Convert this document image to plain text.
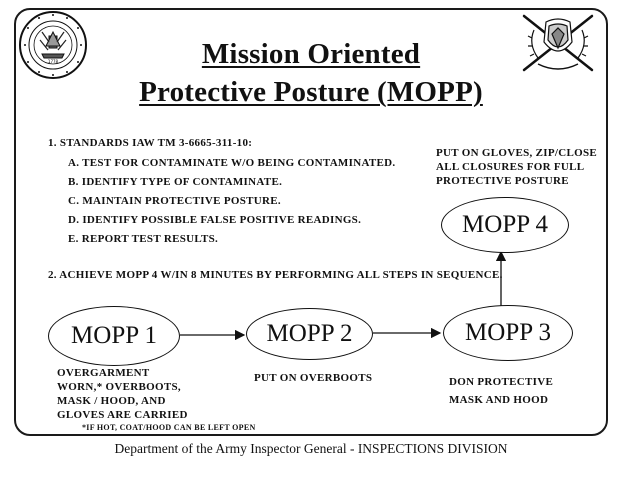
1778	Mission Oriented
Protective Posture (MOPP)
1. STANDARDS IAW TM 3-6665-311-10:
A. TEST FOR CONTAMINATE W/O BEING CONTAMINATED.
B. IDENTIFY TYPE OF CONTAMINATE.
C. MAINTAIN PROTECTIVE POSTURE.
D. IDENTIFY POSSIBLE FALSE POSITIVE READINGS.
E. REPORT TEST RESULTS.
PUT ON GLOVES, ZIP/CLOSE
ALL CLOSURES FOR FULL
PROTECTIVE POSTURE
2. ACHIEVE MOPP 4 W/IN 8 MINUTES BY PERFORMING ALL STEPS IN SEQUENCE.
MOPP 1	MOPP 2	MOPP 3
MOPP 4
OVERGARMENT
WORN,* OVERBOOTS,
MASK / HOOD, AND
GLOVES ARE CARRIED
PUT ON OVERBOOTS	DON PROTECTIVE
MASK AND HOOD
*IF HOT, COAT/HOOD CAN BE LEFT OPEN
Department of the Army Inspector General - INSPECTIONS DIVISION
